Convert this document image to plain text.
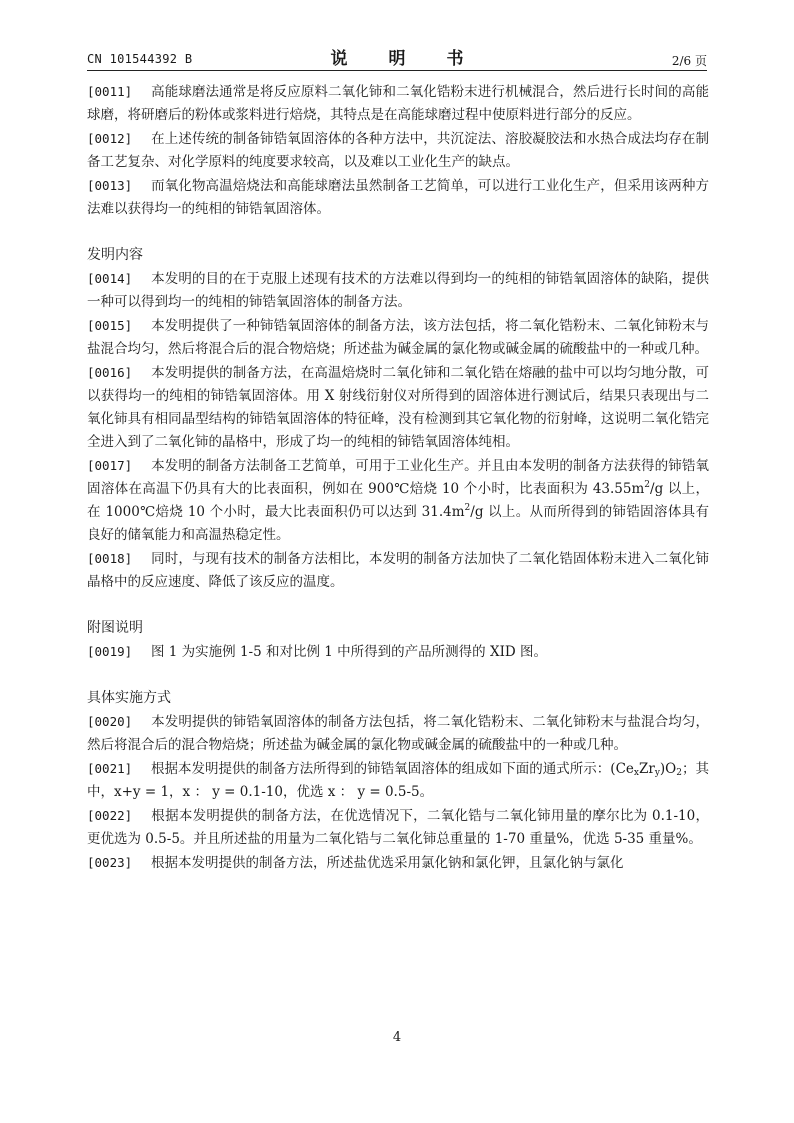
CN 101544392 B	说　明　书	2/6 页

[0011] 高能球磨法通常是将反应原料二氧化铈和二氧化锆粉末进行机械混合，然后进行长时间的高能球磨，将研磨后的粉体或浆料进行焙烧，其特点是在高能球磨过程中使原料进行部分的反应。

[0012] 在上述传统的制备铈锆氧固溶体的各种方法中，共沉淀法、溶胶凝胶法和水热合成法均存在制备工艺复杂、对化学原料的纯度要求较高，以及难以工业化生产的缺点。

[0013] 而氧化物高温焙烧法和高能球磨法虽然制备工艺简单，可以进行工业化生产，但采用该两种方法难以获得均一的纯相的铈锆氧固溶体。

发明内容

[0014] 本发明的目的在于克服上述现有技术的方法难以得到均一的纯相的铈锆氧固溶体的缺陷，提供一种可以得到均一的纯相的铈锆氧固溶体的制备方法。

[0015] 本发明提供了一种铈锆氧固溶体的制备方法，该方法包括，将二氧化锆粉末、二氧化铈粉末与盐混合均匀，然后将混合后的混合物焙烧；所述盐为碱金属的氯化物或碱金属的硫酸盐中的一种或几种。

[0016] 本发明提供的制备方法，在高温焙烧时二氧化铈和二氧化锆在熔融的盐中可以均匀地分散，可以获得均一的纯相的铈锆氧固溶体。用 X 射线衍射仪对所得到的固溶体进行测试后，结果只表现出与二氧化铈具有相同晶型结构的铈锆氧固溶体的特征峰，没有检测到其它氧化物的衍射峰，这说明二氧化锆完全进入到了二氧化铈的晶格中，形成了均一的纯相的铈锆氧固溶体纯相。

[0017] 本发明的制备方法制备工艺简单，可用于工业化生产。并且由本发明的制备方法获得的铈锆氧固溶体在高温下仍具有大的比表面积，例如在 900℃焙烧 10 个小时，比表面积为 $43.55m^2/g$ 以上，在 1000℃焙烧 10 个小时，最大比表面积仍可以达到 $31.4m^2/g$ 以上。从而所得到的铈锆固溶体具有良好的储氧能力和高温热稳定性。

[0018] 同时，与现有技术的制备方法相比，本发明的制备方法加快了二氧化锆固体粉末进入二氧化铈晶格中的反应速度、降低了该反应的温度。

附图说明

[0019] 图 1 为实施例 1-5 和对比例 1 中所得到的产品所测得的 XID 图。

具体实施方式

[0020] 本发明提供的铈锆氧固溶体的制备方法包括，将二氧化锆粉末、二氧化铈粉末与盐混合均匀，然后将混合后的混合物焙烧；所述盐为碱金属的氯化物或碱金属的硫酸盐中的一种或几种。

[0021] 根据本发明提供的制备方法所得到的铈锆氧固溶体的组成如下面的通式所示：$(Ce_xZr_y)O_2$；其中，x+y = 1，x ： y = 0.1-10，优选 x ： y = 0.5-5。

[0022] 根据本发明提供的制备方法，在优选情况下，二氧化锆与二氧化铈用量的摩尔比为 0.1-10，更优选为 0.5-5。并且所述盐的用量为二氧化锆与二氧化铈总重量的 1-70 重量%，优选 5-35 重量%。

[0023] 根据本发明提供的制备方法，所述盐优选采用氯化钠和氯化钾，且氯化钠与氯化

4
